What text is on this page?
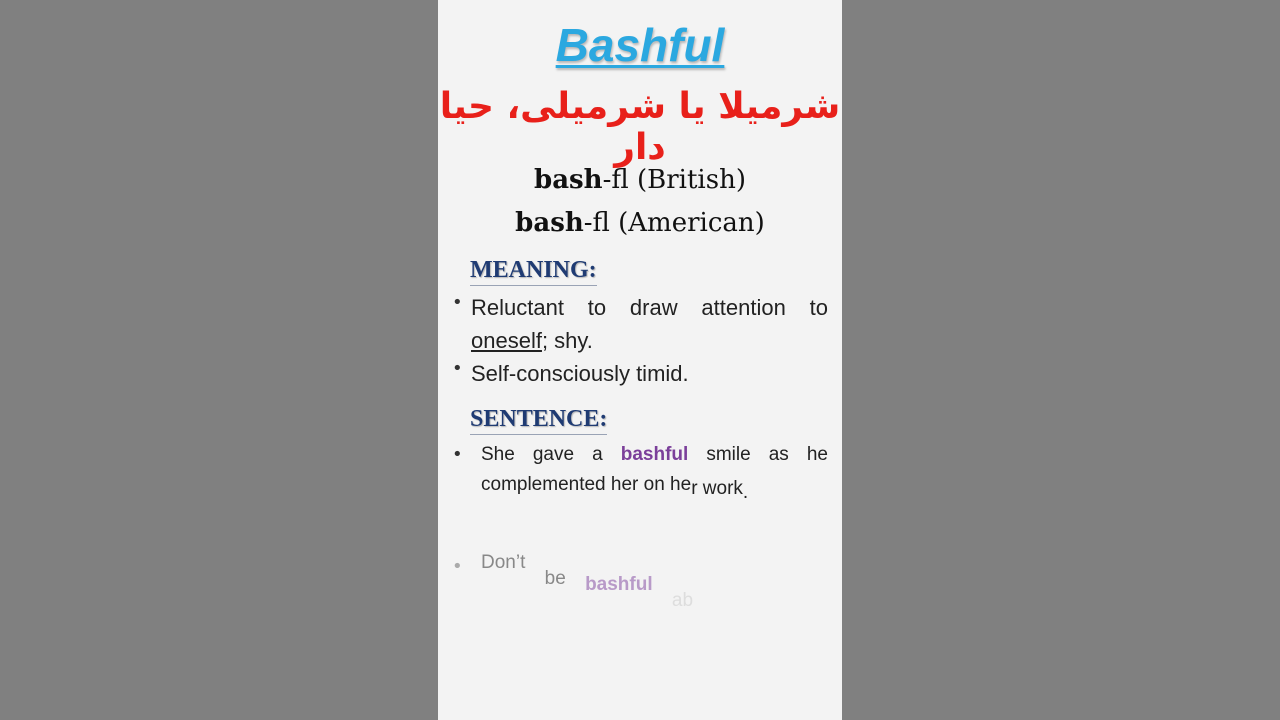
Bashful
شرمیلا یا شرمیلی، حیا دار
bash-fl (British)
bash-fl (American)
MEANING:
• Reluctant to draw attention to oneself; shy.
• Self-consciously timid.
SENTENCE:
• She gave a bashful smile as he complemented her on her work.
• Don’t be bashful ab
